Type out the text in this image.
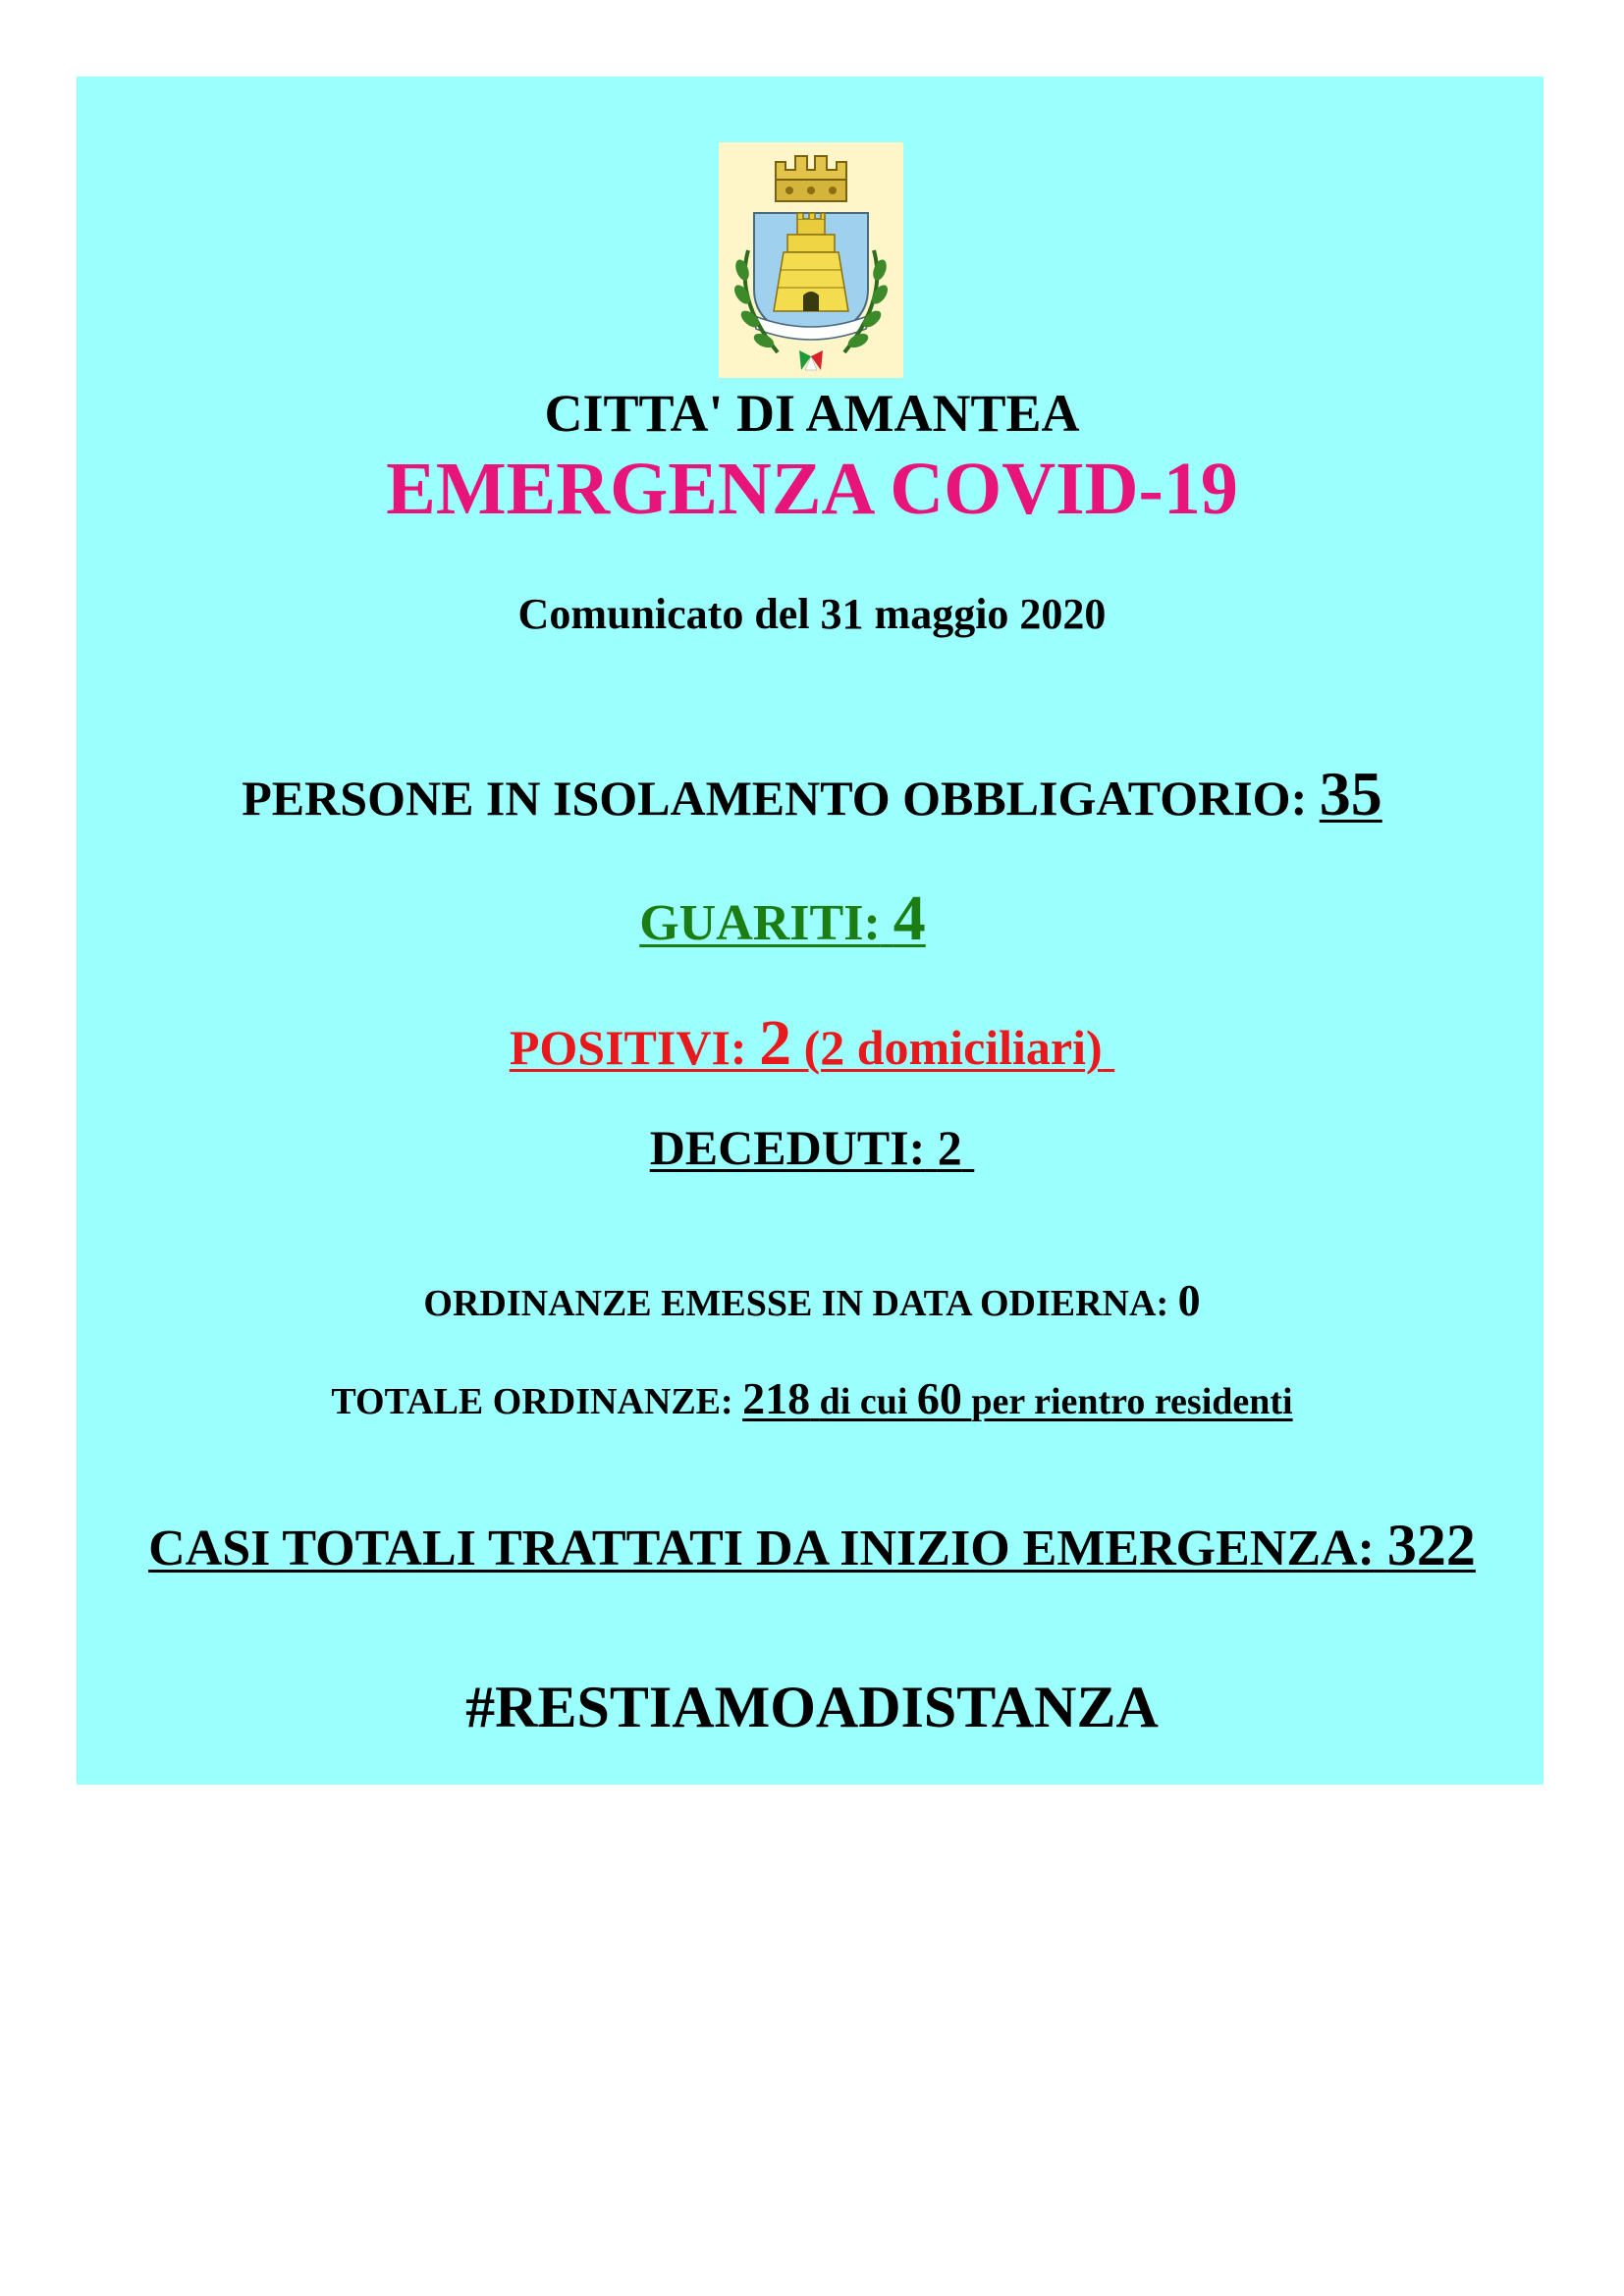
CITTA' DI AMANTEA
EMERGENZA COVID-19
Comunicato del 31 maggio 2020
PERSONE IN ISOLAMENTO OBBLIGATORIO: 35
GUARITI: 4
POSITIVI: 2 (2 domiciliari)
DECEDUTI: 2
ORDINANZE EMESSE IN DATA ODIERNA: 0
TOTALE ORDINANZE: 218 di cui 60 per rientro residenti
CASI TOTALI TRATTATI DA INIZIO EMERGENZA: 322
#RESTIAMOADISTANZA
